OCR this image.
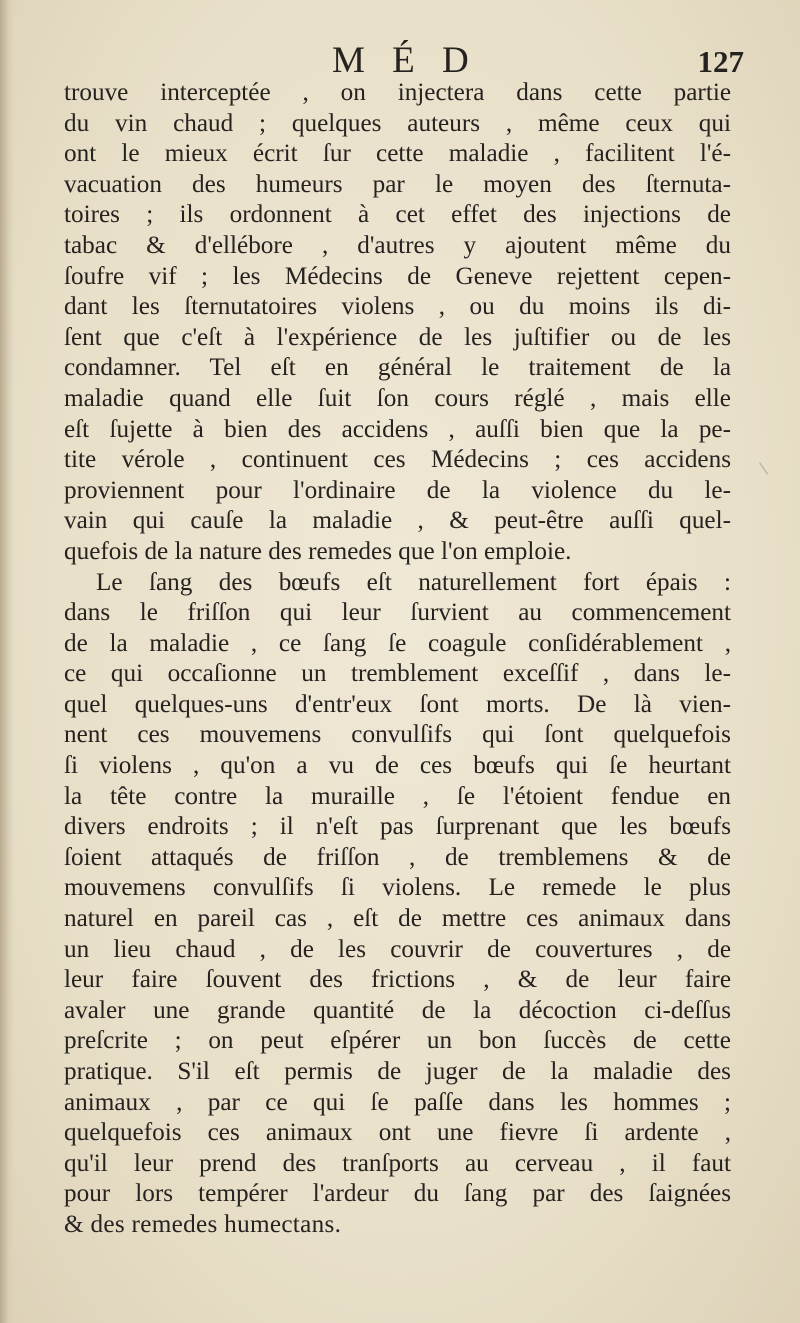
M É D	127
trouve interceptée , on injectera dans cette partie
du vin chaud ; quelques auteurs , même ceux qui
ont le mieux écrit ſur cette maladie , facilitent l'é-
vacuation des humeurs par le moyen des ſternuta-
toires ; ils ordonnent à cet effet des injections de
tabac & d'ellébore , d'autres y ajoutent même du
ſoufre vif ; les Médecins de Geneve rejettent cepen-
dant les ſternutatoires violens , ou du moins ils di-
ſent que c'eſt à l'expérience de les juſtifier ou de les
condamner. Tel eſt en général le traitement de la
maladie quand elle ſuit ſon cours réglé , mais elle
eſt ſujette à bien des accidens , auſſi bien que la pe-
tite vérole , continuent ces Médecins ; ces accidens
proviennent pour l'ordinaire de la violence du le-
vain qui cauſe la maladie , & peut-être auſſi quel-
quefois de la nature des remedes que l'on emploie.
Le ſang des bœufs eſt naturellement fort épais :
dans le friſſon qui leur ſurvient au commencement
de la maladie , ce ſang ſe coagule conſidérablement ,
ce qui occaſionne un tremblement exceſſif , dans le-
quel quelques-uns d'entr'eux ſont morts. De là vien-
nent ces mouvemens convulſifs qui ſont quelquefois
ſi violens , qu'on a vu de ces bœufs qui ſe heurtant
la tête contre la muraille , ſe l'étoient fendue en
divers endroits ; il n'eſt pas ſurprenant que les bœufs
ſoient attaqués de friſſon , de tremblemens & de
mouvemens convulſifs ſi violens. Le remede le plus
naturel en pareil cas , eſt de mettre ces animaux dans
un lieu chaud , de les couvrir de couvertures , de
leur faire ſouvent des frictions , & de leur faire
avaler une grande quantité de la décoction ci-deſſus
preſcrite ; on peut eſpérer un bon ſuccès de cette
pratique. S'il eſt permis de juger de la maladie des
animaux , par ce qui ſe paſſe dans les hommes ;
quelquefois ces animaux ont une fievre ſi ardente ,
qu'il leur prend des tranſports au cerveau , il faut
pour lors tempérer l'ardeur du ſang par des ſaignées
& des remedes humectans.
